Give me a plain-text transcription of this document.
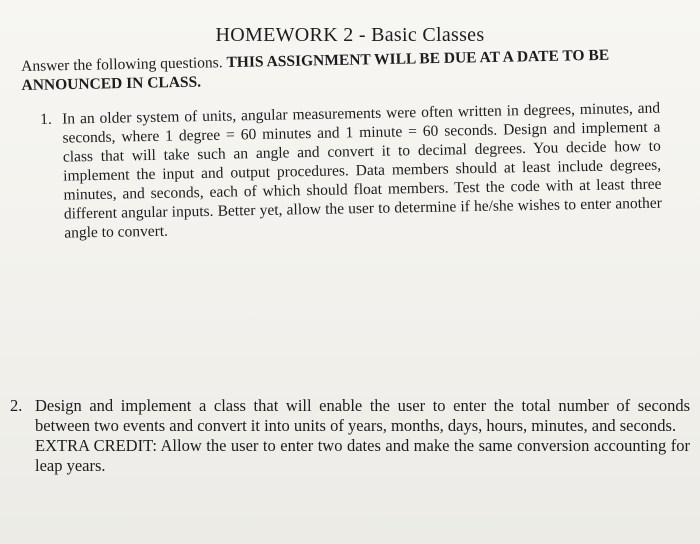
HOMEWORK 2 - Basic Classes

Answer the following questions. THIS ASSIGNMENT WILL BE DUE AT A DATE TO BE ANNOUNCED IN CLASS.

1. In an older system of units, angular measurements were often written in degrees, minutes, and seconds, where 1 degree = 60 minutes and 1 minute = 60 seconds. Design and implement a class that will take such an angle and convert it to decimal degrees. You decide how to implement the input and output procedures. Data members should at least include degrees, minutes, and seconds, each of which should float members. Test the code with at least three different angular inputs. Better yet, allow the user to determine if he/she wishes to enter another angle to convert.
2. Design and implement a class that will enable the user to enter the total number of seconds between two events and convert it into units of years, months, days, hours, minutes, and seconds.
EXTRA CREDIT: Allow the user to enter two dates and make the same conversion accounting for leap years.
